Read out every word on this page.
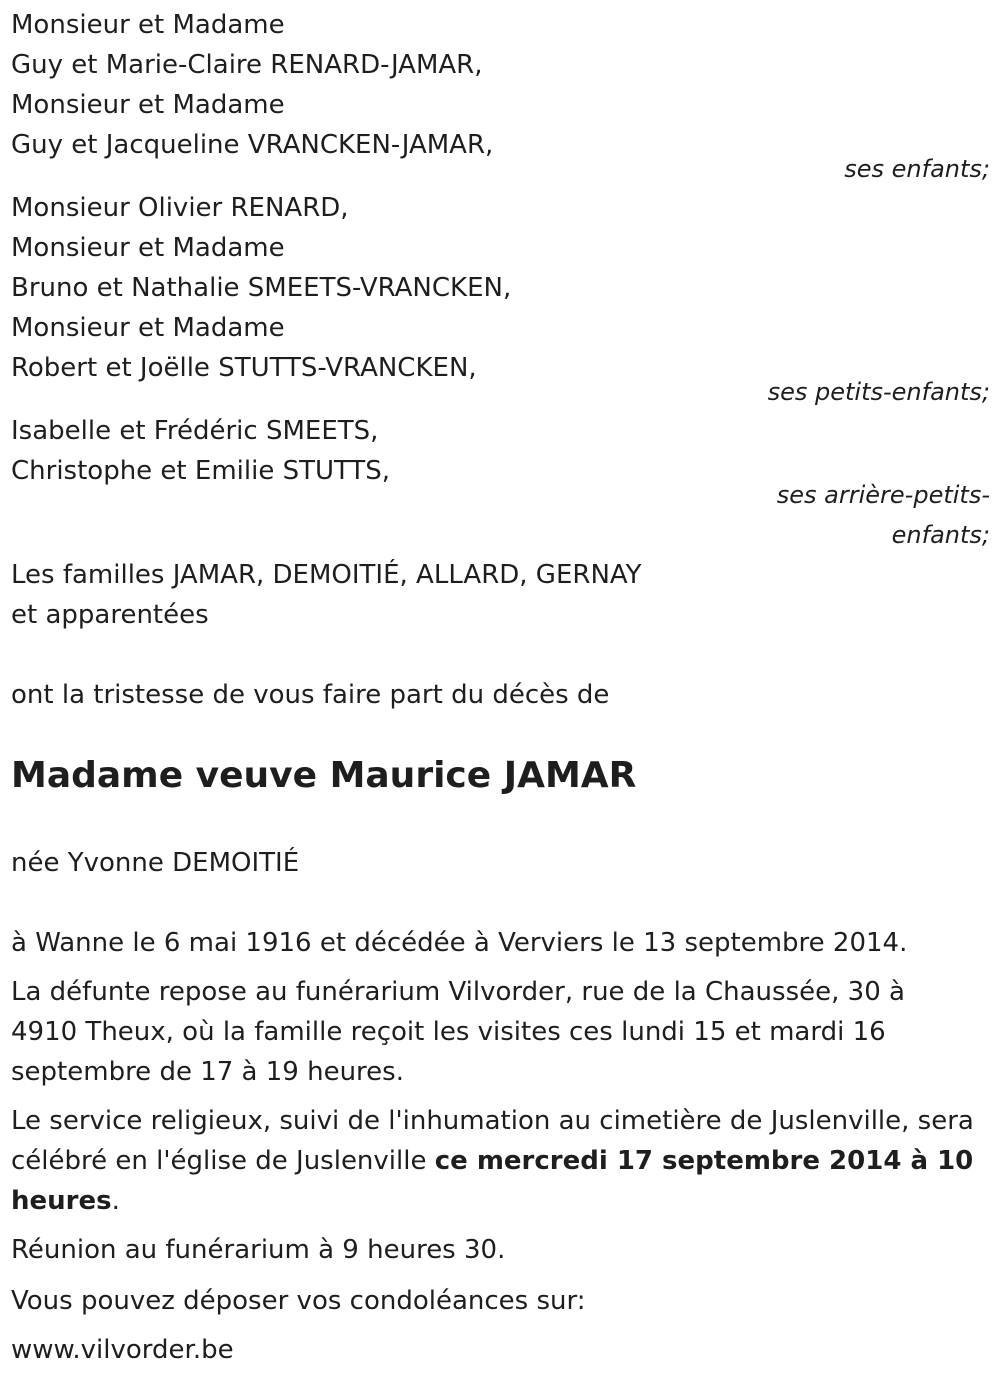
Monsieur et Madame
Guy et Marie-Claire RENARD-JAMAR,
Monsieur et Madame
Guy et Jacqueline VRANCKEN-JAMAR,
ses enfants;
Monsieur Olivier RENARD,
Monsieur et Madame
Bruno et Nathalie SMEETS-VRANCKEN,
Monsieur et Madame
Robert et Joëlle STUTTS-VRANCKEN,
ses petits-enfants;
Isabelle et Frédéric SMEETS,
Christophe et Emilie STUTTS,
ses arrière-petits-
enfants;
Les familles JAMAR, DEMOITIÉ, ALLARD, GERNAY
et apparentées
ont la tristesse de vous faire part du décès de
Madame veuve Maurice JAMAR
née Yvonne DEMOITIÉ
à Wanne le 6 mai 1916 et décédée à Verviers le 13 septembre 2014.
La défunte repose au funérarium Vilvorder, rue de la Chaussée, 30 à
4910 Theux, où la famille reçoit les visites ces lundi 15 et mardi 16
septembre de 17 à 19 heures.
Le service religieux, suivi de l'inhumation au cimetière de Juslenville, sera
célébré en l'église de Juslenville ce mercredi 17 septembre 2014 à 10
heures.
Réunion au funérarium à 9 heures 30.
Vous pouvez déposer vos condoléances sur:
www.vilvorder.be
